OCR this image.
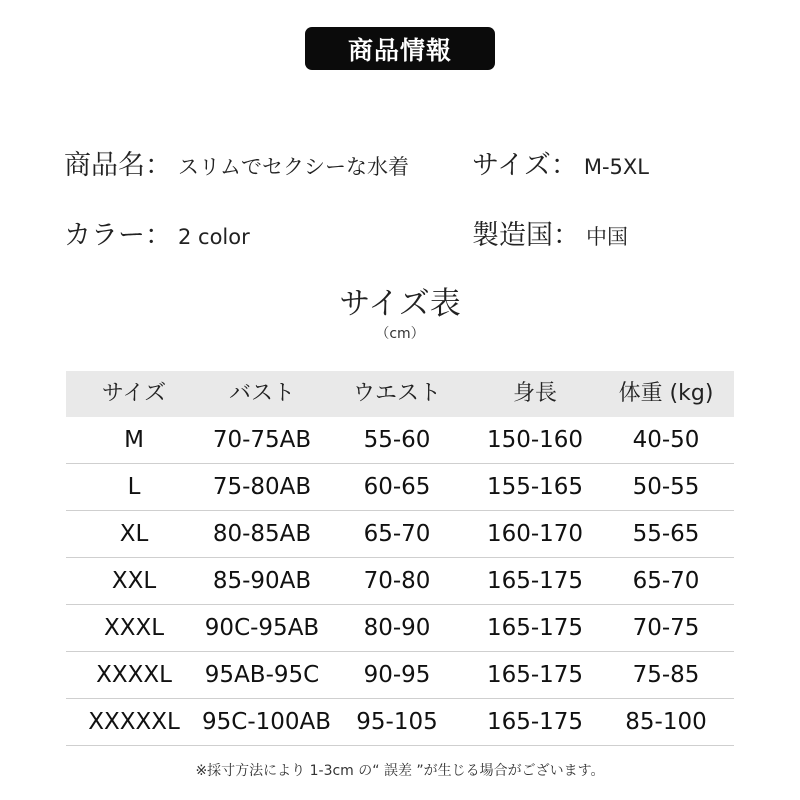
商品情報
商品名： スリムでセクシーな水着 サイズ： M-5XL
カラー： 2 color	製造国： 中国
サイズ表
（cm）
サイズ	バスト	ウエスト	身長	体重 (kg)
M	70-75AB	55-60	150-160	40-50
L	75-80AB	60-65	155-165	50-55
XL	80-85AB	65-70	160-170	55-65
XXL	85-90AB	70-80	165-175	65-70
XXXL	90C-95AB	80-90	165-175	70-75
XXXXL	95AB-95C	90-95	165-175	75-85
XXXXXL 95C-100AB	95-105	165-175	85-100
※採寸方法により 1-3cm の“ 誤差 ”が生じる場合がございます。
